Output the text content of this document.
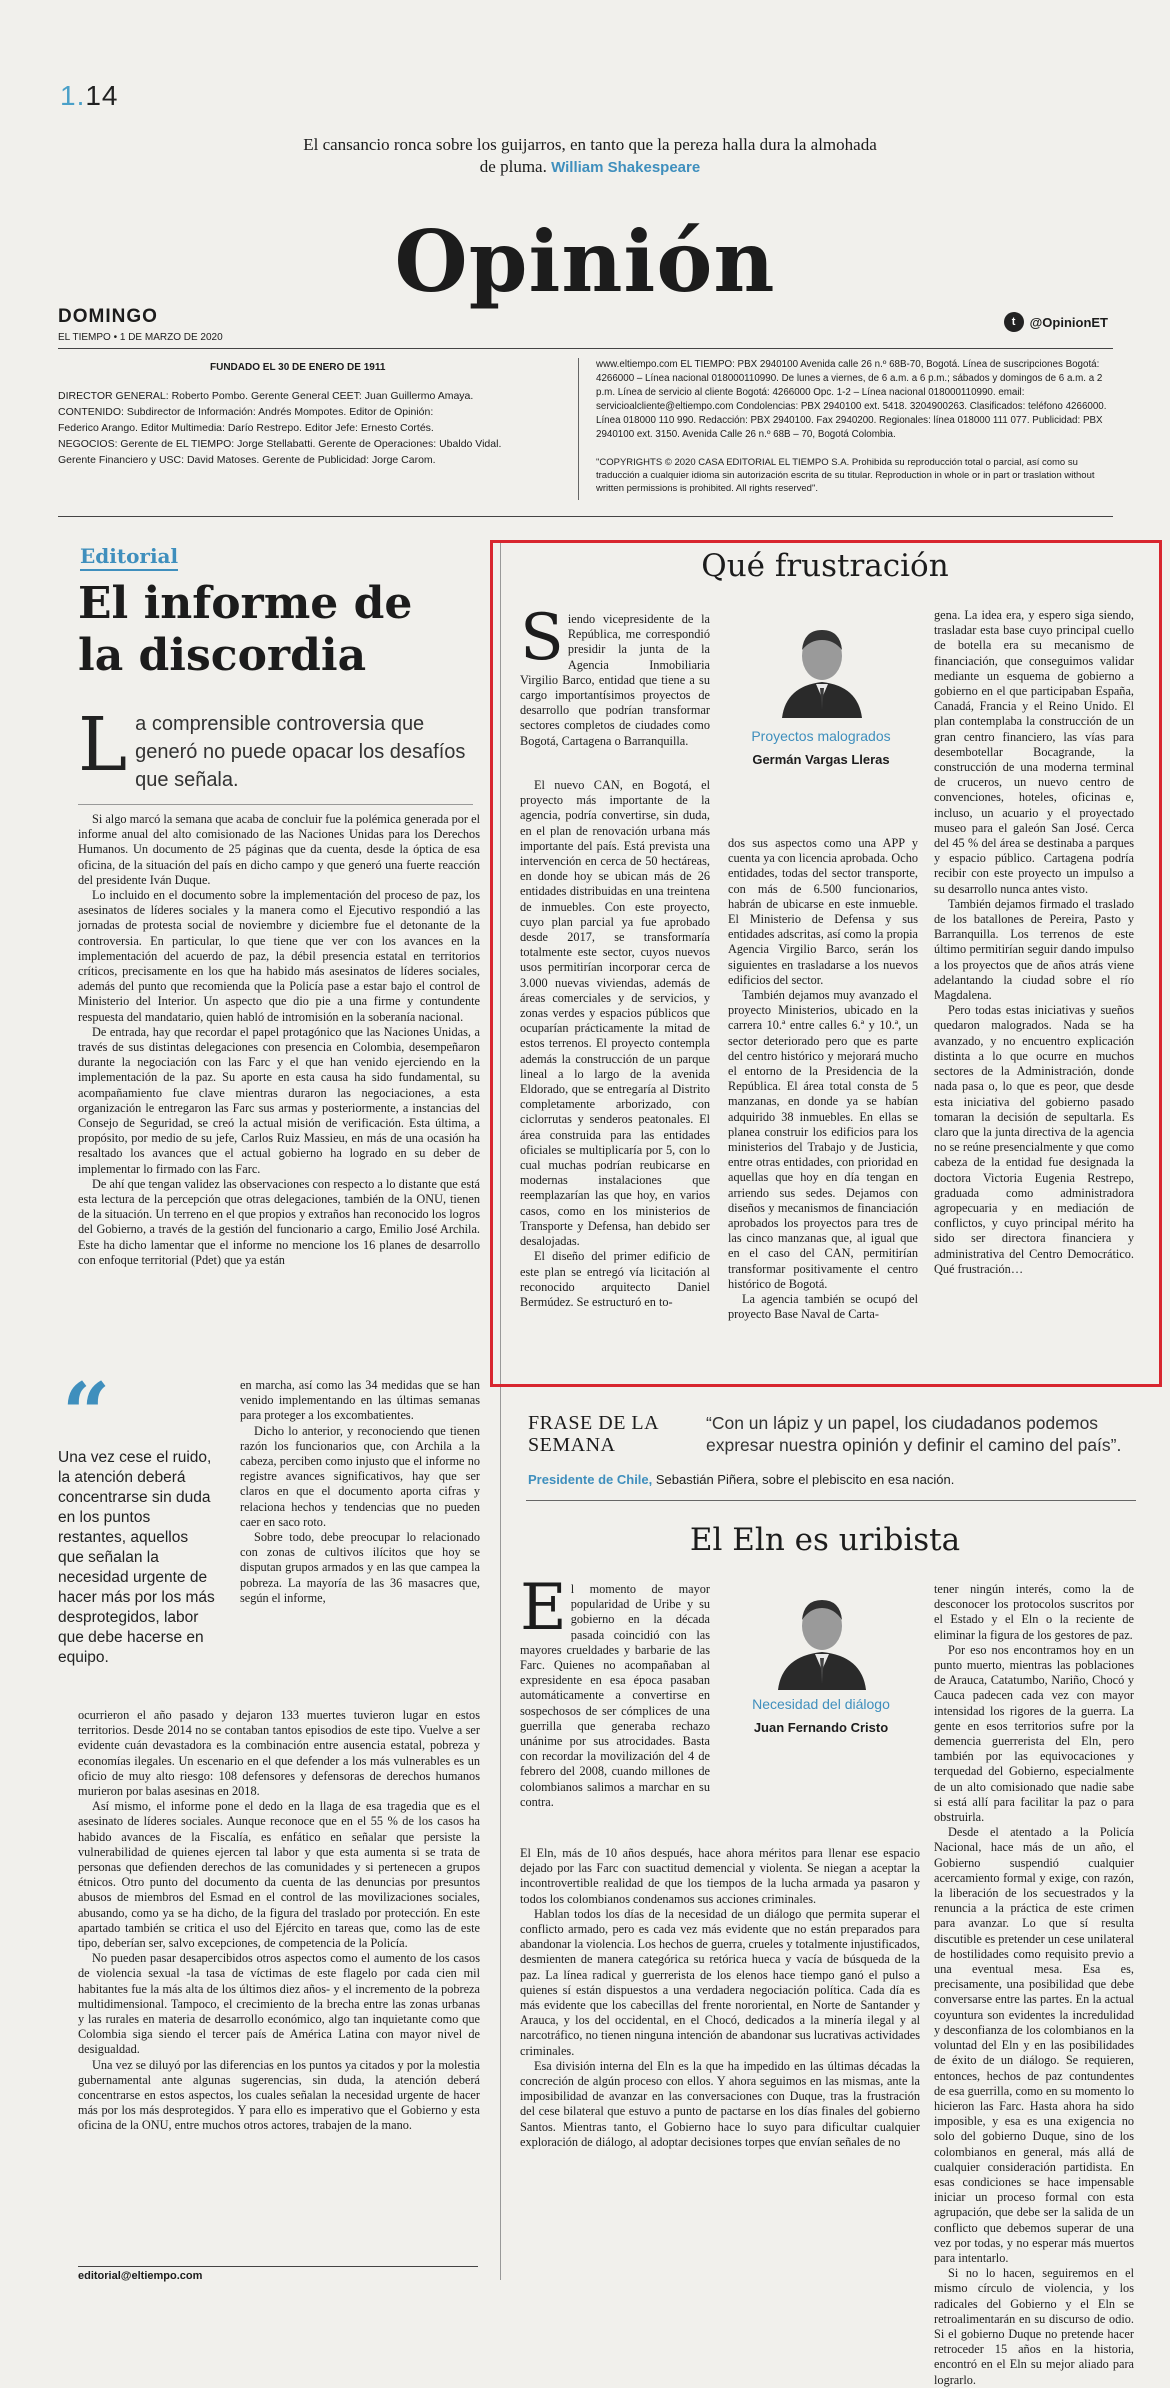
1.14
El cansancio ronca sobre los guijarros, en tanto que la pereza halla dura la almohada de pluma. William Shakespeare
Opinión
DOMINGO
EL TIEMPO • 1 DE MARZO DE 2020
t	@OpinionET
FUNDADO EL 30 DE ENERO DE 1911
DIRECTOR GENERAL: Roberto Pombo. Gerente General CEET: Juan Guillermo Amaya.
CONTENIDO: Subdirector de Información: Andrés Mompotes. Editor de Opinión:
Federico Arango. Editor Multimedia: Darío Restrepo. Editor Jefe: Ernesto Cortés.
NEGOCIOS: Gerente de EL TIEMPO: Jorge Stellabatti. Gerente de Operaciones: Ubaldo Vidal.
Gerente Financiero y USC: David Matoses. Gerente de Publicidad: Jorge Carom.
www.eltiempo.com EL TIEMPO: PBX 2940100 Avenida calle 26 n.º 68B-70, Bogotá. Línea de suscripciones Bogotá: 4266000 – Línea nacional 018000110990. De lunes a viernes, de 6 a.m. a 6 p.m.; sábados y domingos de 6 a.m. a 2 p.m. Línea de servicio al cliente Bogotá: 4266000 Opc. 1-2 – Línea nacional 018000110990. email: servicioalcliente@eltiempo.com Condolencias: PBX 2940100 ext. 5418. 3204900263. Clasificados: teléfono 4266000. Línea 018000 110 990. Redacción: PBX 2940100. Fax 2940200. Regionales: línea 018000 111 077. Publicidad: PBX 2940100 ext. 3150. Avenida Calle 26 n.º 68B – 70, Bogotá Colombia.
"COPYRIGHTS © 2020 CASA EDITORIAL EL TIEMPO S.A. Prohibida su reproducción total o parcial, así como su traducción a cualquier idioma sin autorización escrita de su titular. Reproduction in whole or in part or traslation without written permissions is prohibited. All rights reserved".
Editorial
El informe de la discordia
La comprensible controversia que generó no puede opacar los desafíos que señala.

Si algo marcó la semana que acaba de concluir fue la polémica generada por el informe anual del alto comisionado de las Naciones Unidas para los Derechos Humanos. Un documento de 25 páginas que da cuenta, desde la óptica de esa oficina, de la situación del país en dicho campo y que generó una fuerte reacción del presidente Iván Duque.

Lo incluido en el documento sobre la implementación del proceso de paz, los asesinatos de líderes sociales y la manera como el Ejecutivo respondió a las jornadas de protesta social de noviembre y diciembre fue el detonante de la controversia. En particular, lo que tiene que ver con los avances en la implementación del acuerdo de paz, la débil presencia estatal en territorios críticos, precisamente en los que ha habido más asesinatos de líderes sociales, además del punto que recomienda que la Policía pase a estar bajo el control de Ministerio del Interior. Un aspecto que dio pie a una firme y contundente respuesta del mandatario, quien habló de intromisión en la soberanía nacional.

De entrada, hay que recordar el papel protagónico que las Naciones Unidas, a través de sus distintas delegaciones con presencia en Colombia, desempeñaron durante la negociación con las Farc y el que han venido ejerciendo en la implementación de la paz. Su aporte en esta causa ha sido fundamental, su acompañamiento fue clave mientras duraron las negociaciones, a esta organización le entregaron las Farc sus armas y posteriormente, a instancias del Consejo de Seguridad, se creó la actual misión de verificación. Esta última, a propósito, por medio de su jefe, Carlos Ruiz Massieu, en más de una ocasión ha resaltado los avances que el actual gobierno ha logrado en su deber de implementar lo firmado con las Farc.

De ahí que tengan validez las observaciones con respecto a lo distante que está esta lectura de la percepción que otras delegaciones, también de la ONU, tienen de la situación. Un terreno en el que propios y extraños han reconocido los logros del Gobierno, a través de la gestión del funcionario a cargo, Emilio José Archila. Este ha dicho lamentar que el informe no mencione los 16 planes de desarrollo con enfoque territorial (Pdet) que ya están

“
Una vez cese el ruido, la atención deberá concentrarse sin duda en los puntos restantes, aquellos que señalan la necesidad urgente de hacer más por los más desprotegidos, labor que debe hacerse en equipo.

en marcha, así como las 34 medidas que se han venido implementando en las últimas semanas para proteger a los excombatientes.

Dicho lo anterior, y reconociendo que tienen razón los funcionarios que, con Archila a la cabeza, perciben como injusto que el informe no registre avances significativos, hay que ser claros en que el documento aporta cifras y relaciona hechos y tendencias que no pueden caer en saco roto.

Sobre todo, debe preocupar lo relacionado con zonas de cultivos ilícitos que hoy se disputan grupos armados y en las que campea la pobreza. La mayoría de las 36 masacres que, según el informe,

ocurrieron el año pasado y dejaron 133 muertes tuvieron lugar en estos territorios. Desde 2014 no se contaban tantos episodios de este tipo. Vuelve a ser evidente cuán devastadora es la combinación entre ausencia estatal, pobreza y economías ilegales. Un escenario en el que defender a los más vulnerables es un oficio de muy alto riesgo: 108 defensores y defensoras de derechos humanos murieron por balas asesinas en 2018.

Así mismo, el informe pone el dedo en la llaga de esa tragedia que es el asesinato de líderes sociales. Aunque reconoce que en el 55 % de los casos ha habido avances de la Fiscalía, es enfático en señalar que persiste la vulnerabilidad de quienes ejercen tal labor y que esta aumenta si se trata de personas que defienden derechos de las comunidades y si pertenecen a grupos étnicos. Otro punto del documento da cuenta de las denuncias por presuntos abusos de miembros del Esmad en el control de las movilizaciones sociales, abusando, como ya se ha dicho, de la figura del traslado por protección. En este apartado también se critica el uso del Ejército en tareas que, como las de este tipo, deberían ser, salvo excepciones, de competencia de la Policía.

No pueden pasar desapercibidos otros aspectos como el aumento de los casos de violencia sexual -la tasa de víctimas de este flagelo por cada cien mil habitantes fue la más alta de los últimos diez años- y el incremento de la pobreza multidimensional. Tampoco, el crecimiento de la brecha entre las zonas urbanas y las rurales en materia de desarrollo económico, algo tan inquietante como que Colombia siga siendo el tercer país de América Latina con mayor nivel de desigualdad.

Una vez se diluyó por las diferencias en los puntos ya citados y por la molestia gubernamental ante algunas sugerencias, sin duda, la atención deberá concentrarse en estos aspectos, los cuales señalan la necesidad urgente de hacer más por los más desprotegidos. Y para ello es imperativo que el Gobierno y esta oficina de la ONU, entre muchos otros actores, trabajen de la mano.

editorial@eltiempo.com
Qué frustración
Siendo vicepresidente de la República, me correspondió presidir la junta de la Agencia Inmobiliaria Virgilio Barco, entidad que tiene a su cargo importantísimos proyectos de desarrollo que podrían transformar sectores completos de ciudades como Bogotá, Cartagena o Barranquilla.	Proyectos malogrados
Germán Vargas Lleras

El nuevo CAN, en Bogotá, el proyecto más importante de la agencia, podría convertirse, sin duda, en el plan de renovación urbana más importante del país. Está prevista una intervención en cerca de 50 hectáreas, en donde hoy se ubican más de 26 entidades distribuidas en una treintena de inmuebles. Con este proyecto, cuyo plan parcial ya fue aprobado desde 2017, se transformaría totalmente este sector, cuyos nuevos usos permitirían incorporar cerca de 3.000 nuevas viviendas, además de áreas comerciales y de servicios, y zonas verdes y espacios públicos que ocuparían prácticamente la mitad de estos terrenos. El proyecto contempla además la construcción de un parque lineal a lo largo de la avenida Eldorado, que se entregaría al Distrito completamente arborizado, con ciclorrutas y senderos peatonales. El área construida para las entidades oficiales se multiplicaría por 5, con lo cual muchas podrían reubicarse en modernas instalaciones que reemplazarían las que hoy, en varios casos, como en los ministerios de Transporte y Defensa, han debido ser desalojadas.

El diseño del primer edificio de este plan se entregó vía licitación al reconocido arquitecto Daniel Bermúdez. Se estructuró en to-

dos sus aspectos como una APP y cuenta ya con licencia aprobada. Ocho entidades, todas del sector transporte, con más de 6.500 funcionarios, habrán de ubicarse en este inmueble. El Ministerio de Defensa y sus entidades adscritas, así como la propia Agencia Virgilio Barco, serán los siguientes en trasladarse a los nuevos edificios del sector.

También dejamos muy avanzado el proyecto Ministerios, ubicado en la carrera 10.ª entre calles 6.ª y 10.ª, un sector deteriorado pero que es parte del centro histórico y mejorará mucho el entorno de la Presidencia de la República. El área total consta de 5 manzanas, en donde ya se habían adquirido 38 inmuebles. En ellas se planea construir los edificios para los ministerios del Trabajo y de Justicia, entre otras entidades, con prioridad en aquellas que hoy en día tengan en arriendo sus sedes. Dejamos con diseños y mecanismos de financiación aprobados los proyectos para tres de las cinco manzanas que, al igual que en el caso del CAN, permitirían transformar positivamente el centro histórico de Bogotá.

La agencia también se ocupó del proyecto Base Naval de Carta-

gena. La idea era, y espero siga siendo, trasladar esta base cuyo principal cuello de botella era su mecanismo de financiación, que conseguimos validar mediante un esquema de gobierno a gobierno en el que participaban España, Canadá, Francia y el Reino Unido. El plan contemplaba la construcción de un gran centro financiero, las vías para desembotellar Bocagrande, la construcción de una moderna terminal de cruceros, un nuevo centro de convenciones, hoteles, oficinas e, incluso, un acuario y el proyectado museo para el galeón San José. Cerca del 45 % del área se destinaba a parques y espacio público. Cartagena podría recibir con este proyecto un impulso a su desarrollo nunca antes visto.

También dejamos firmado el traslado de los batallones de Pereira, Pasto y Barranquilla. Los terrenos de este último permitirían seguir dando impulso a los proyectos que de años atrás viene adelantando la ciudad sobre el río Magdalena.

Pero todas estas iniciativas y sueños quedaron malogrados. Nada se ha avanzado, y no encuentro explicación distinta a lo que ocurre en muchos sectores de la Administración, donde nada pasa o, lo que es peor, que desde esta iniciativa del gobierno pasado tomaran la decisión de sepultarla. Es claro que la junta directiva de la agencia no se reúne presencialmente y que como cabeza de la entidad fue designada la doctora Victoria Eugenia Restrepo, graduada como administradora agropecuaria y en mediación de conflictos, y cuyo principal mérito ha sido ser directora financiera y administrativa del Centro Democrático. Qué frustración…

FRASE DE LA SEMANA
“Con un lápiz y un papel, los ciudadanos podemos expresar nuestra opinión y definir el camino del país”.
Presidente de Chile, Sebastián Piñera, sobre el plebiscito en esa nación.
El Eln es uribista
El momento de mayor popularidad de Uribe y su gobierno en la década pasada coincidió con las mayores crueldades y barbarie de las Farc. Quienes no acompañaban al expresidente en esa época pasaban automáticamente a convertirse en sospechosos de ser cómplices de una guerrilla que generaba rechazo unánime por sus atrocidades. Basta con recordar la movilización del 4 de febrero del 2008, cuando millones de colombianos salimos a marchar en su contra.
Necesidad del diálogo
Juan Fernando Cristo

El Eln, más de 10 años después, hace ahora méritos para llenar ese espacio dejado por las Farc con suactitud demencial y violenta. Se niegan a aceptar la incontrovertible realidad de que los tiempos de la lucha armada ya pasaron y todos los colombianos condenamos sus acciones criminales.

Hablan todos los días de la necesidad de un diálogo que permita superar el conflicto armado, pero es cada vez más evidente que no están preparados para abandonar la violencia. Los hechos de guerra, crueles y totalmente injustificados, desmienten de manera categórica su retórica hueca y vacía de búsqueda de la paz. La línea radical y guerrerista de los elenos hace tiempo ganó el pulso a quienes sí están dispuestos a una verdadera negociación política. Cada día es más evidente que los cabecillas del frente nororiental, en Norte de Santander y Arauca, y los del occidental, en el Chocó, dedicados a la minería ilegal y al narcotráfico, no tienen ninguna intención de abandonar sus lucrativas actividades criminales.

Esa división interna del Eln es la que ha impedido en las últimas décadas la concreción de algún proceso con ellos. Y ahora seguimos en las mismas, ante la imposibilidad de avanzar en las conversaciones con Duque, tras la frustración del cese bilateral que estuvo a punto de pactarse en los días finales del gobierno Santos. Mientras tanto, el Gobierno hace lo suyo para dificultar cualquier exploración de diálogo, al adoptar decisiones torpes que envían señales de no

tener ningún interés, como la de desconocer los protocolos suscritos por el Estado y el Eln o la reciente de eliminar la figura de los gestores de paz.

Por eso nos encontramos hoy en un punto muerto, mientras las poblaciones de Arauca, Catatumbo, Nariño, Chocó y Cauca padecen cada vez con mayor intensidad los rigores de la guerra. La gente en esos territorios sufre por la demencia guerrerista del Eln, pero también por las equivocaciones y terquedad del Gobierno, especialmente de un alto comisionado que nadie sabe si está allí para facilitar la paz o para obstruirla.

Desde el atentado a la Policía Nacional, hace más de un año, el Gobierno suspendió cualquier acercamiento formal y exige, con razón, la liberación de los secuestrados y la renuncia a la práctica de este crimen para avanzar. Lo que sí resulta discutible es pretender un cese unilateral de hostilidades como requisito previo a una eventual mesa. Esa es, precisamente, una posibilidad que debe conversarse entre las partes. En la actual coyuntura son evidentes la incredulidad y desconfianza de los colombianos en la voluntad del Eln y en las posibilidades de éxito de un diálogo. Se requieren, entonces, hechos de paz contundentes de esa guerrilla, como en su momento lo hicieron las Farc. Hasta ahora ha sido imposible, y esa es una exigencia no solo del gobierno Duque, sino de los colombianos en general, más allá de cualquier consideración partidista. En esas condiciones se hace impensable iniciar un proceso formal con esta agrupación, que debe ser la salida de un conflicto que debemos superar de una vez por todas, y no esperar más muertos para intentarlo.

Si no lo hacen, seguiremos en el mismo círculo de violencia, y los radicales del Gobierno y el Eln se retroalimentarán en su discurso de odio. Si el gobierno Duque no pretende hacer retroceder 15 años en la historia, encontró en el Eln su mejor aliado para lograrlo.
